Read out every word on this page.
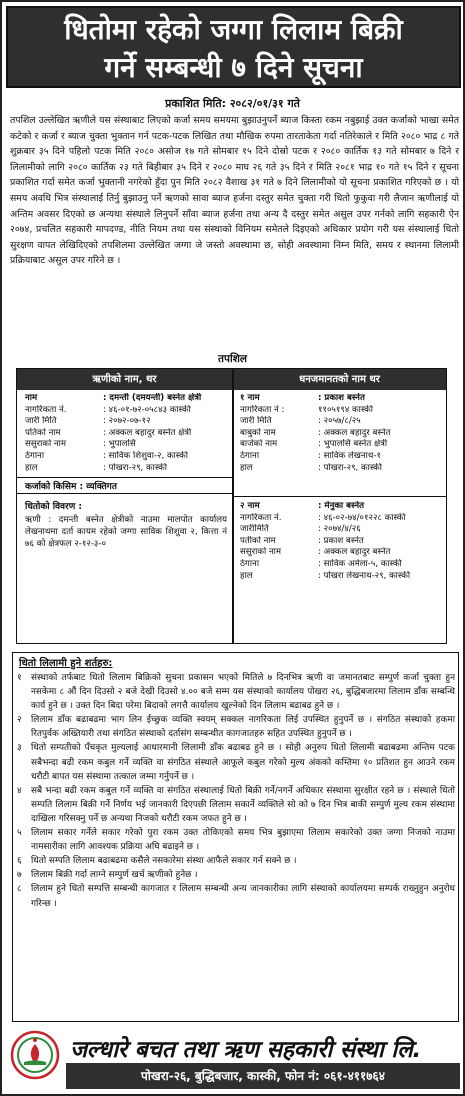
धितोमा रहेको जग्गा लिलाम बिक्री
गर्ने सम्बन्धी ७ दिने सूचना
प्रकाशित मिति: २०८२/०१/३१ गते
तपशिल उल्लेखित ऋणीले यस संस्थाबाट लिएको कर्जा समय समयमा बुझाउनुपर्ने ब्याज किस्ता रकम नबुझाई उक्त कर्जाको भाखा समेत कटेको र कर्जा र ब्याज चुक्ता भुक्तान गर्न पटक-पटक लिखित तथा मौखिक रुपमा तारताकेता गर्दा नतिरेकाले र मिति २०८० भाद्र ८ गते शुक्रबार ३५ दिने पहिलो पटक मिति २०८० असोज १७ गते सोमबार १५ दिने दोस्रो पटक र २०८० कार्तिक १३ गते सोमबार ७ दिने र लिलामीको लागि २०८० कार्तिक २३ गते बिहीबार ३५ दिने र २०८० माघ २६ गते ३५ दिने र मिति २०८१ भाद्र १० गते १५ दिने र सूचना प्रकाशित गर्दा समेत कर्जा भुक्तानी नगरेको हुँदा पुन मिति २०८२ वैशाख ३१ गते ७ दिने लिलामीको यो सूचना प्रकाशित गरिएको छ । यो समय अवधि भित्र संस्थालाई तिर्नु बुझाउनु पर्ने ऋणको सावा ब्याज हर्जना दस्तुर समेत चुक्ता गरी धितो फुकुवा गरी लैजान ऋणीलाई यो अन्तिम अवसर दिएको छ अन्यथा संस्थाले लिनुपर्ने साँवा ब्याज हर्जना तथा अन्य दै दस्तुर समेत असुल उपर गर्नको लागि सहकारी ऐन २०७४, प्रचलित सहकारी मापदण्ड, नीति नियम तथा यस संस्थाको विनियम समेतले दिइएको अधिकार प्रयोग गरी यस संस्थालाई धितो सुरक्षण वापत लेखिदिएको तपशिलमा उल्लेखित जग्गा जे जस्तो अवस्थामा छ, सोही अवस्थामा निम्न मिति, समय र स्थानमा लिलामी प्रक्रियाबाट असुल उपर गरिने छ ।
तपशिल
ऋणीको नाम, थर	धनजमानतको नाम थर
नाम	: दमन्ती (दमयन्ती) बस्नेत क्षेत्री
नागरिकता नं.	: ४६-०१-७२-०५८४३ कास्की
जारी मिति	: २०७२-०७-१२
पतिको नाम	: अक्कल बहादुर बस्नेत क्षेत्री
ससुराको नाम	: भुपालसिं
ठेगाना	: साविक शिशुवा-२, कास्की
हाल	: पोखरा-२९, कास्की
कर्जाको किसिम : व्यक्तिगत
धितोको विवरण :
ऋणी : दमन्ती बस्नेत क्षेत्रीको नाउमा मालपोत कार्यालय लेखनाथमा दर्ता कायम रहेको जग्गा साविक शिशुवा २, कित्ता नं ७६ को क्षेत्रफल २-१२-३-०
१ नाम	: प्रकाश बस्नेत
नागरिकता नं :	११०५१९४ कास्की
जारी मिति	: २०५७/८/२५
बाबुको नाम	: अक्कल बहादुर बस्नेत
बाजेको नाम	: भुपालसिं बस्नेत क्षेत्री
ठेगाना	: साविक लेखनाथ-१
हाल	: पोखरा-२९, कास्की
२ नाम	: मेनुका बस्नेत
नागरिकता नं.	: ४६-०२-७४/०१२२८ कास्की
जारीमिति	: २०७४/४/२६
पतीको नाम	: प्रकाश बस्नेत
ससुराको नाम	: अक्कल बहादुर बस्नेत
ठेगाना	: साविक अर्मला-५, कास्की
हाल	: पोखरा लेखनाथ-२९, कास्की
धितो लिलामी हुने शर्तहरु:
१	संस्थाको तर्फबाट धितो लिलाम बिक्रिको सुचना प्रकासन भएको मितिले ७ दिनभित्र ऋणी वा जमानतबाट सम्पुर्ण कर्जा चुक्ता हुन नसकेमा ८ औं दिन दिउसो २ बजे देखी दिउसो ४.०० बजे सम्म यस संस्थाको कार्यालय पोखरा २६, बुद्धिबजारमा लिलाम डाँक सम्बन्धि कार्य हुने छ । उक्त दिन बिदा परेमा बिदाको लगत्तै कार्यालय खुल्नेको दिन लिलाम बढाबढ हुने छ ।
२	लिलाम डाँक बढाबढमा भाग लिन ईच्छुक व्यक्ति स्वयम् सक्कल नागरिकता लिई उपस्थित हुनुपर्ने छ । संगठित संस्थाको हकमा रितपुर्वक अख्तियारी तथा संगठित संस्थाको दर्तासंग सम्बन्धीत कागजातहरु सहित उपस्थित हुनुपर्ने छ ।
३	धितो सम्पतीको पँचकृत मुल्यलाई आधारमानी लिलामी डाँक बढाबढ हुने छ । सोही अनुरुप धितो लिलामी बढाबढमा अन्तिम पटक सबैभन्दा बढी रकम कबुल गर्ने व्यक्ति वा संगठित संस्थाले आफूले कबुल गरेको मुल्य अंकको कम्तिमा १० प्रतिशत हुन आउने रकम धरौटी बापत यस संस्थामा तत्काल जम्मा गर्नुपर्ने छ ।
४	सबै भन्दा बढी रकम कबुल गर्ने व्यक्ति वा संगठित संस्थालाई धितो बिक्री गर्ने/नगर्ने अधिकार संस्थामा सुरक्षीत रहने छ । संस्थाले धितो सम्पति लिलाम बिक्री गर्ने निर्णय भई जानकारी दिएपछी लिलाम सकार्ने व्यक्तिले सो को ७ दिन भित्र बाकी सम्पुर्ण मुल्य रकम संस्थामा दाखिला गरिसक्नु पर्ने छ अन्यथा निजको धरौटी रकम जफत हुने छ ।
५	लिलाम सकार गर्नेले सकार गरेको पुरा रकम उक्त तोकिएको समय भित्र बुझाएमा लिलाम सकारेको उक्त जग्गा निजको नाउमा नामसारीका लागि आवश्यक प्रक्रिया अघि बढाइने छ ।
६	धितो सम्पति लिलाम बढाबढमा कसैले नसकारेमा संस्था आफैले सकार गर्न सक्ने छ ।
७	लिलाम बिक्री गर्दा लाग्ने सम्पुर्ण खर्च ऋणीको हुनेछ ।
८	लिलाम हुने धितो सम्पत्ति सम्बन्धी कागजात र लिलाम सम्बन्धी अन्य जानकारीका लागि संस्थाको कार्यालयमा सम्पर्क राख्नुहुन अनुरोध गरिन्छ ।
जल्धारे बचत तथा ऋण सहकारी संस्था लि.
पोखरा-२६, बुद्धिबजार, कास्की, फोन नं: ०६१-४११७६४
